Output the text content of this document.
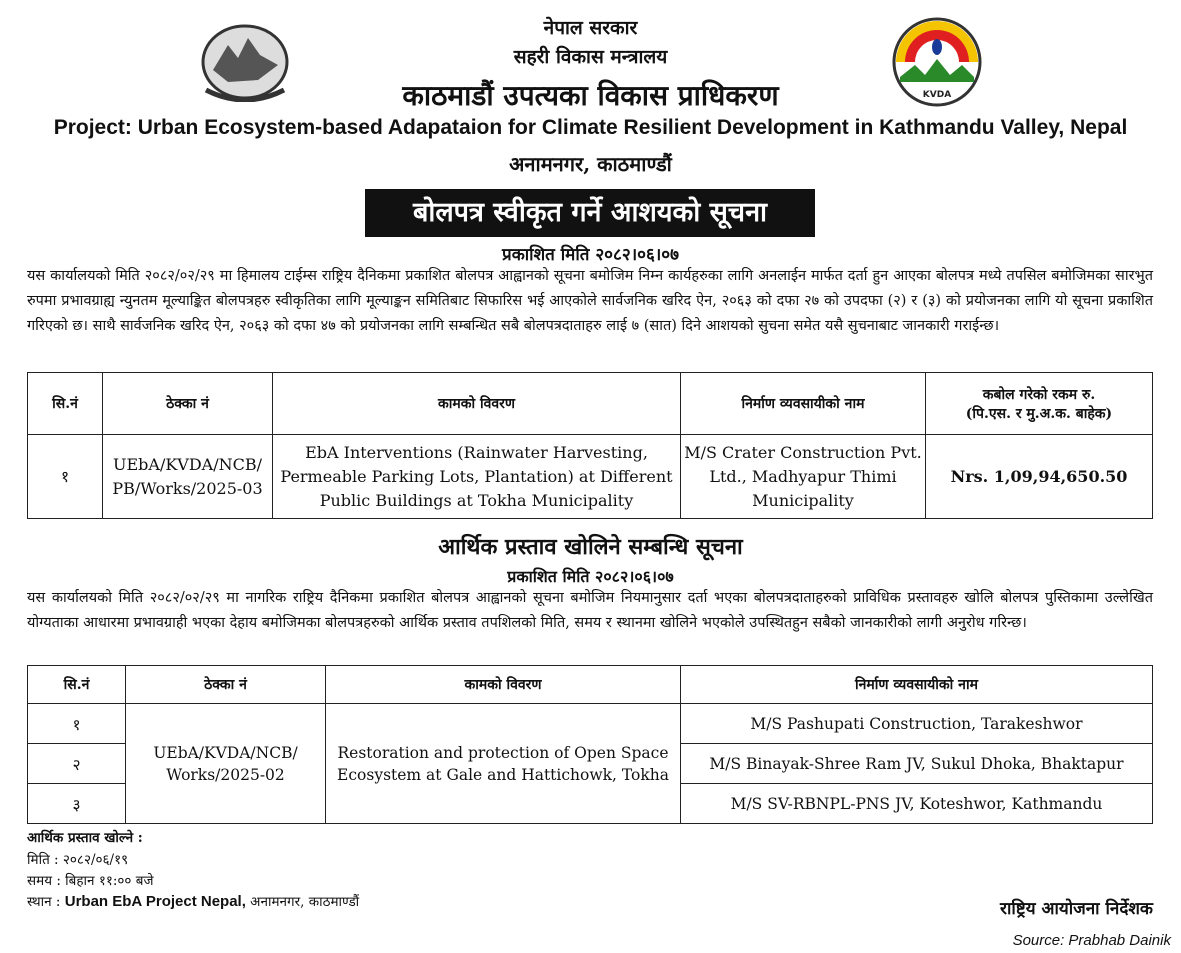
KVDA
नेपाल सरकार
सहरी विकास मन्त्रालय
काठमाडौं उपत्यका विकास प्राधिकरण
Project: Urban Ecosystem-based Adapataion for Climate Resilient Development in Kathmandu Valley, Nepal
अनामनगर, काठमाण्डौं
बोलपत्र स्वीकृत गर्ने आशयको सूचना
प्रकाशित मिति २०८२।०६।०७
यस कार्यालयको मिति २०८२/०२/२९ मा हिमालय टाईम्स राष्ट्रिय दैनिकमा प्रकाशित बोलपत्र आह्वानको सूचना बमोजिम निम्न कार्यहरुका लागि अनलाईन मार्फत दर्ता हुन आएका बोलपत्र मध्ये तपसिल बमोजिमका सारभुत रुपमा प्रभावग्राह्य न्युनतम मूल्याङ्कित बोलपत्रहरु स्वीकृतिका लागि मूल्याङ्कन समितिबाट सिफारिस भई आएकोले सार्वजनिक खरिद ऐन, २०६३ को दफा २७ को उपदफा (२) र (३) को प्रयोजनका लागि यो सूचना प्रकाशित गरिएको छ। साथै सार्वजनिक खरिद ऐन, २०६३ को दफा ४७ को प्रयोजनका लागि सम्बन्धित सबै बोलपत्रदाताहरु लाई ७ (सात) दिने आशयको सुचना समेत यसै सुचनाबाट जानकारी गराईन्छ।
सि.नं	ठेक्का नं	कामको विवरण	निर्माण व्यवसायीको नाम	कबोल गरेको रकम रु.
(पि.एस. र मु.अ.क. बाहेक)

१	UEbA/KVDA/NCB/ PB/Works/2025-03	EbA Interventions (Rainwater Harvesting, Permeable Parking Lots, Plantation) at Different Public Buildings at Tokha Municipality	M/S Crater Construction Pvt. Ltd., Madhyapur Thimi Municipality	Nrs. 1,09,94,650.50
आर्थिक प्रस्ताव खोलिने सम्बन्धि सूचना
प्रकाशित मिति २०८२।०६।०७
यस कार्यालयको मिति २०८२/०२/२९ मा नागरिक राष्ट्रिय दैनिकमा प्रकाशित बोलपत्र आह्वानको सूचना बमोजिम नियमानुसार दर्ता भएका बोलपत्रदाताहरुको प्राविधिक प्रस्तावहरु खोलि बोलपत्र पुस्तिकामा उल्लेखित योग्यताका आधारमा प्रभावग्राही भएका देहाय बमोजिमका बोलपत्रहरुको आर्थिक प्रस्ताव तपशिलको मिति, समय र स्थानमा खोलिने भएकोले उपस्थितहुन सबैको जानकारीको लागी अनुरोध गरिन्छ।
सि.नं	ठेक्का नं	कामको विवरण	निर्माण व्यवसायीको नाम
१	UEbA/KVDA/NCB/ Works/2025-02	Restoration and protection of Open Space Ecosystem at Gale and Hattichowk, Tokha	M/S Pashupati Construction, Tarakeshwor
२			M/S Binayak-Shree Ram JV, Sukul Dhoka, Bhaktapur
३			M/S SV-RBNPL-PNS JV, Koteshwor, Kathmandu
आर्थिक प्रस्ताव खोल्ने :
मिति : २०८२/०६/१९
समय : बिहान ११:०० बजे
स्थान : Urban EbA Project Nepal, अनामनगर, काठमाण्डौं	राष्ट्रिय आयोजना निर्देशक
Source: Prabhab Dainik
